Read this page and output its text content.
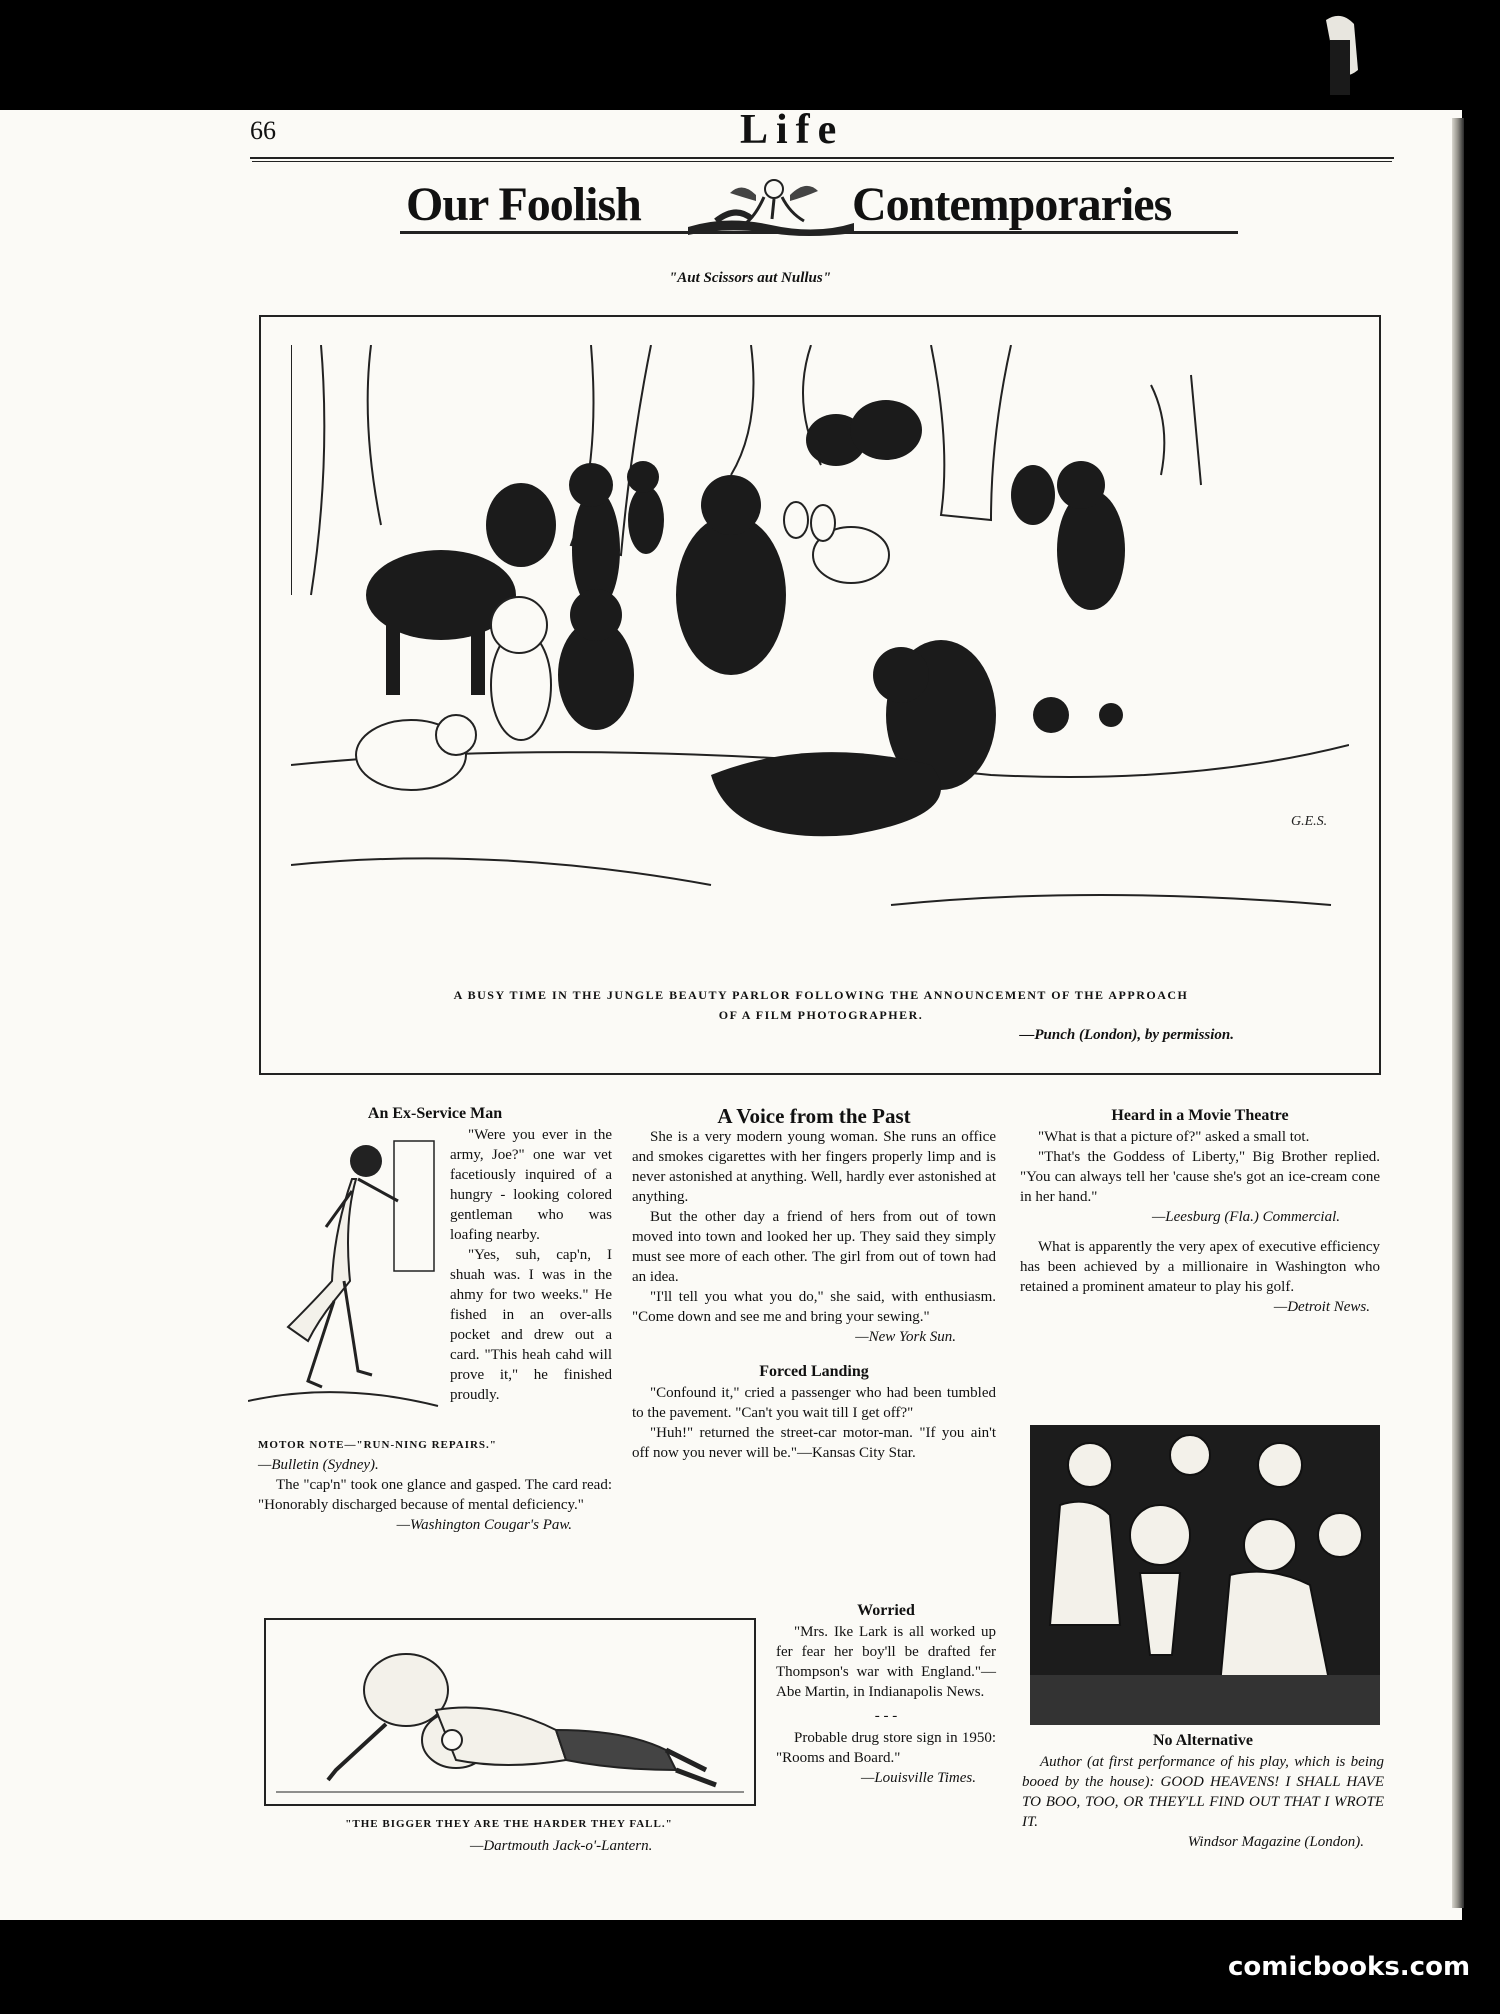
66	Life
Our Foolish	Contemporaries
"Aut Scissors aut Nullus"
G.E.S.
A BUSY TIME IN THE JUNGLE BEAUTY PARLOR FOLLOWING THE ANNOUNCEMENT OF THE APPROACH
OF A FILM PHOTOGRAPHER.
—Punch (London), by permission.
An Ex-Service Man

"Were you ever in the army, Joe?" one war vet facetiously inquired of a hungry - looking colored gentleman who was loafing nearby.

"Yes, suh, cap'n, I shuah was. I was in the ahmy for two weeks." He fished in an over-alls pocket and drew out a card. "This heah cahd will prove it," he finished proudly.

MOTOR NOTE—"RUN-NING REPAIRS."
—Bulletin (Sydney).

The "cap'n" took one glance and gasped. The card read: "Honorably discharged because of mental deficiency."

—Washington Cougar's Paw.

A Voice from the Past

She is a very modern young woman. She runs an office and smokes cigarettes with her fingers properly limp and is never astonished at anything. Well, hardly ever astonished at anything.

But the other day a friend of hers from out of town moved into town and looked her up. They said they simply must see more of each other. The girl from out of town had an idea.

"I'll tell you what you do," she said, with enthusiasm. "Come down and see me and bring your sewing."

—New York Sun.

Forced Landing

"Confound it," cried a passenger who had been tumbled to the pavement. "Can't you wait till I get off?"

"Huh!" returned the street-car motor-man. "If you ain't off now you never will be."—Kansas City Star.

Heard in a Movie Theatre

"What is that a picture of?" asked a small tot.

"That's the Goddess of Liberty," Big Brother replied. "You can always tell her 'cause she's got an ice-cream cone in her hand."

—Leesburg (Fla.) Commercial.

What is apparently the very apex of executive efficiency has been achieved by a millionaire in Washington who retained a prominent amateur to play his golf.

—Detroit News.

Worried

"Mrs. Ike Lark is all worked up fer fear her boy'll be drafted fer Thompson's war with England."—Abe Martin, in Indianapolis News.

- - -

Probable drug store sign in 1950: "Rooms and Board."

—Louisville Times.

"THE BIGGER THEY ARE THE HARDER THEY FALL."
—Dartmouth Jack-o'-Lantern.
No Alternative

Author (at first performance of his play, which is being booed by the house): GOOD HEAVENS! I SHALL HAVE TO BOO, TOO, OR THEY'LL FIND OUT THAT I WROTE IT.

Windsor Magazine (London).

comicbooks.com
